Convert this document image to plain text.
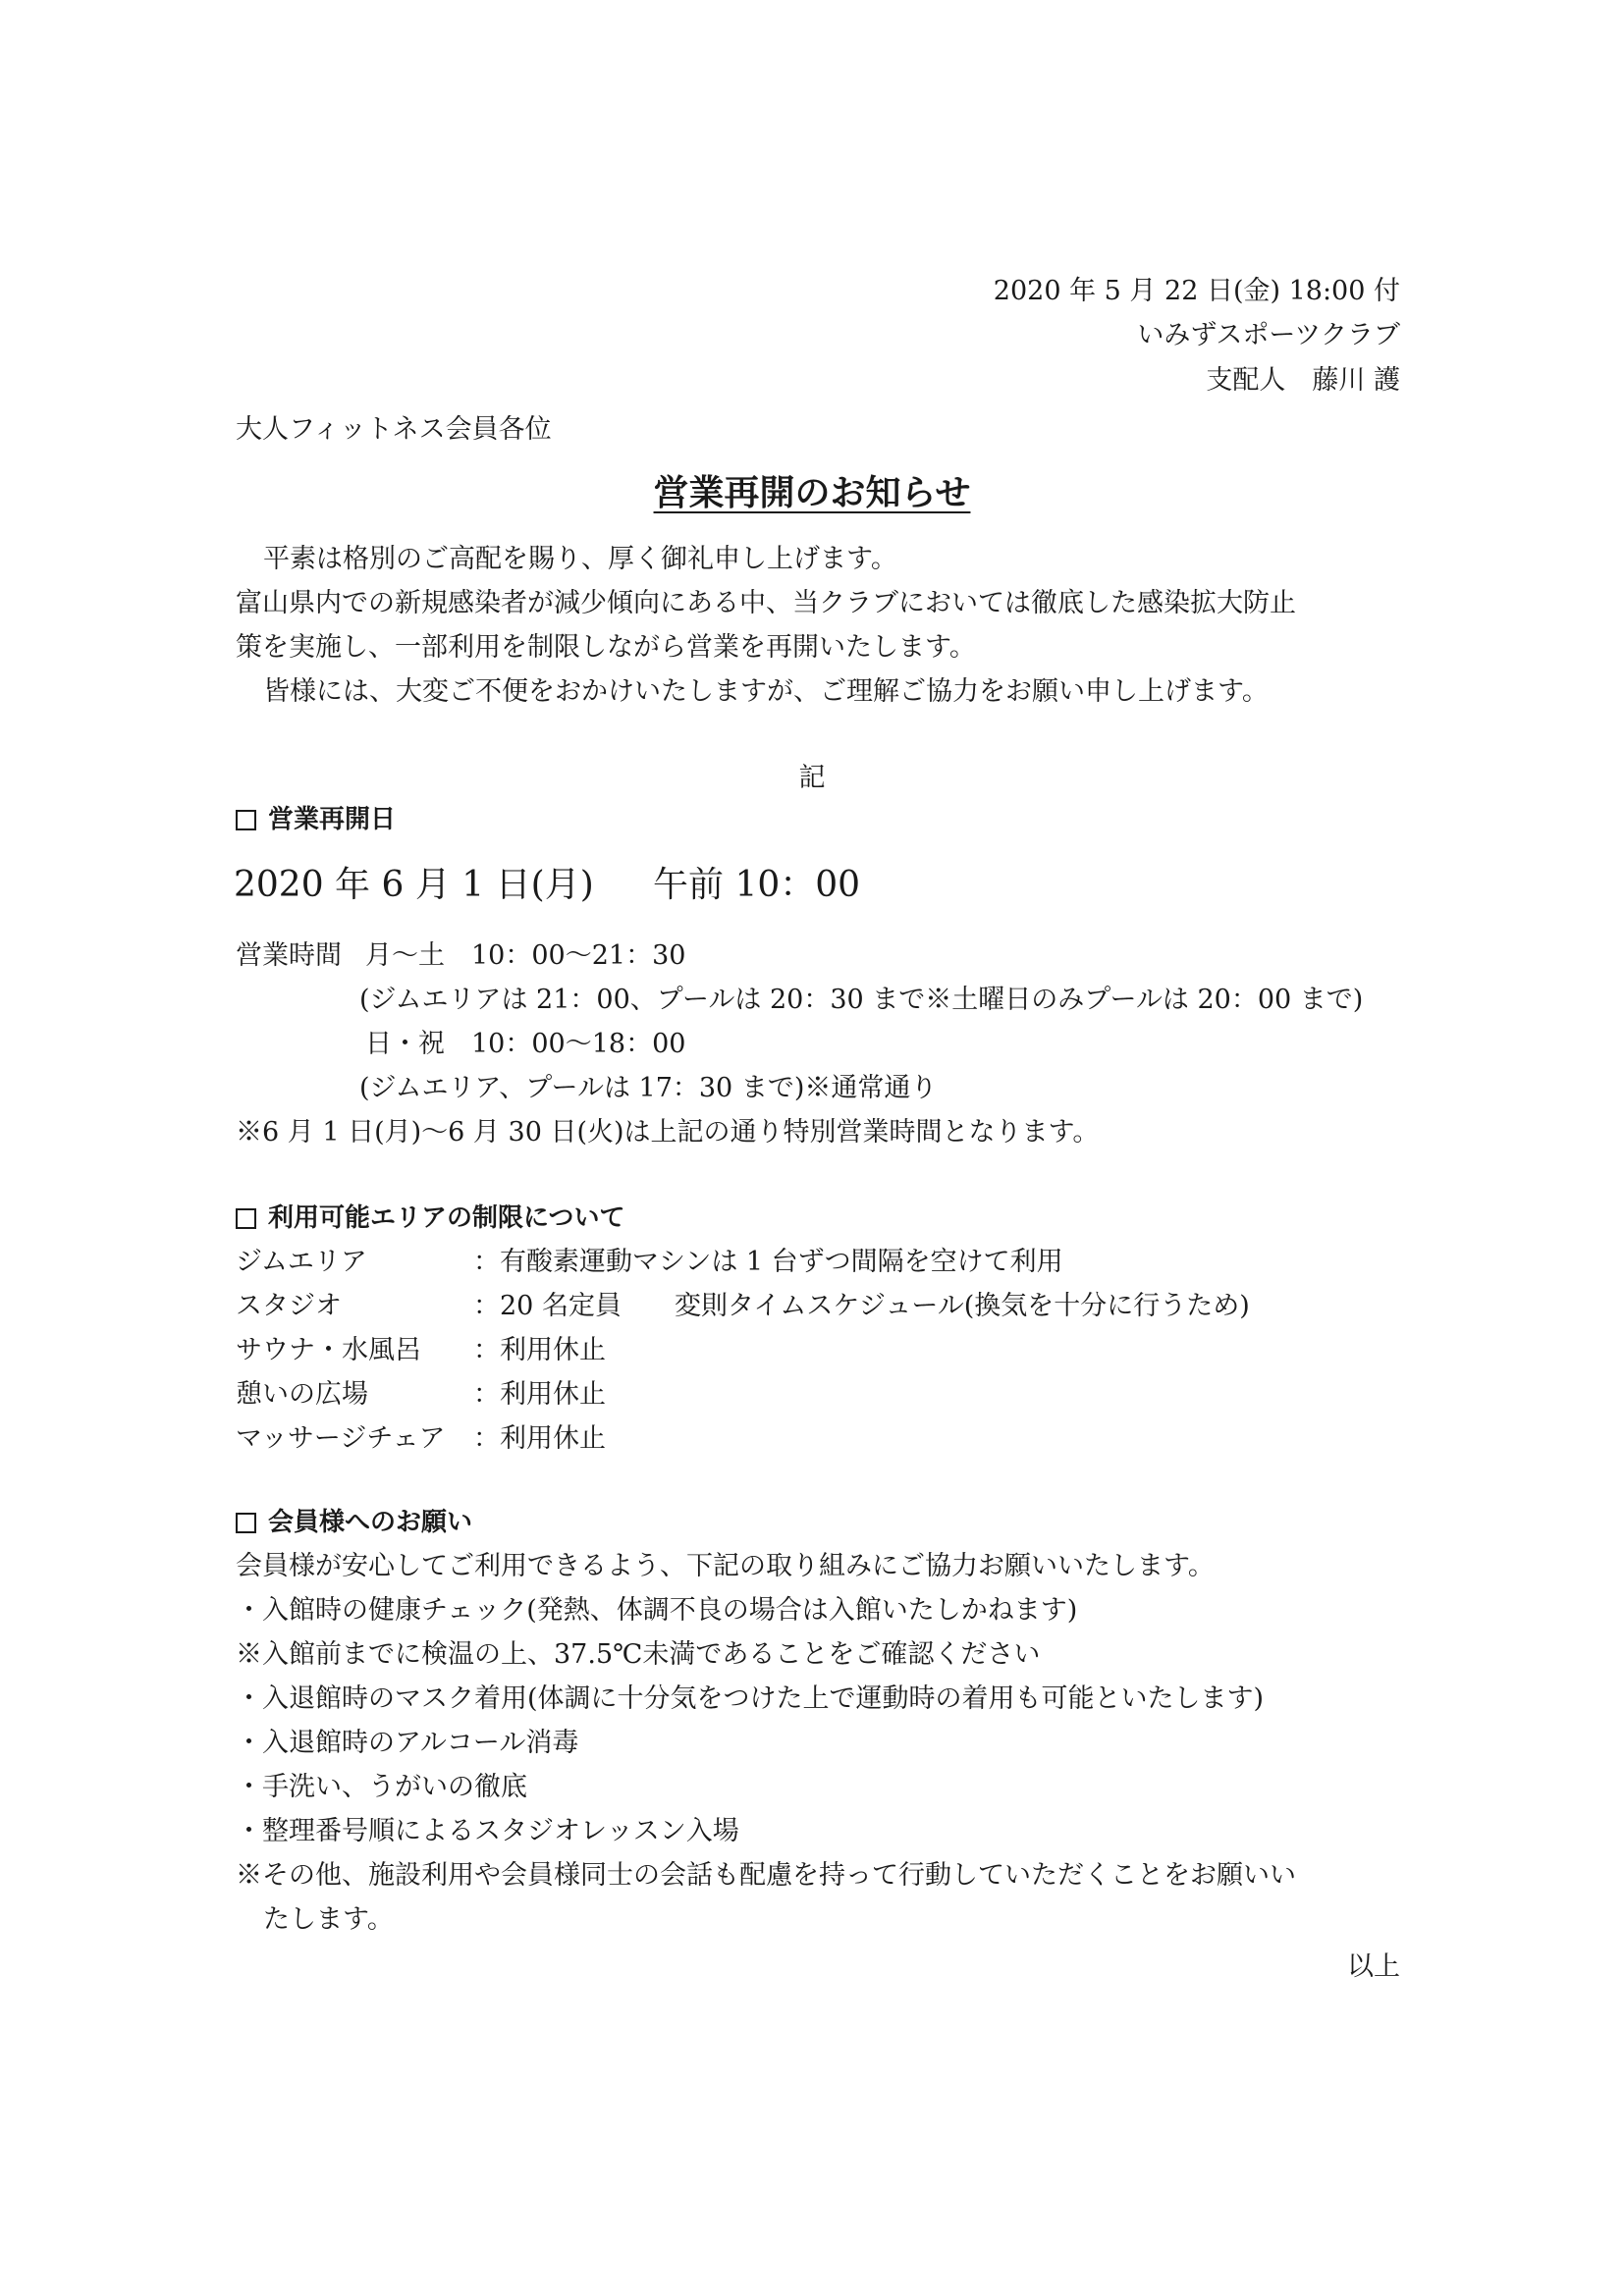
2020 年 5 月 22 日(金) 18:00 付
いみずスポーツクラブ
支配人　藤川 護
大人フィットネス会員各位
営業再開のお知らせ
平素は格別のご高配を賜り、厚く御礼申し上げます。
富山県内での新規感染者が減少傾向にある中、当クラブにおいては徹底した感染拡大防止
策を実施し、一部利用を制限しながら営業を再開いたします。
皆様には、大変ご不便をおかけいたしますが、ご理解ご協力をお願い申し上げます。
記
営業再開日
2020 年 6 月 1 日(月) 午前 10：00
営業時間 月～土　10：00～21：30
(ジムエリアは 21：00、プールは 20：30 まで※土曜日のみプールは 20：00 まで)
日・祝　10：00～18：00
(ジムエリア、プールは 17：30 まで)※通常通り
※6 月 1 日(月)～6 月 30 日(火)は上記の通り特別営業時間となります。
利用可能エリアの制限について
ジムエリア	：有酸素運動マシンは 1 台ずつ間隔を空けて利用
スタジオ	：20 名定員　　変則タイムスケジュール(換気を十分に行うため)
サウナ・水風呂 ：利用休止
憩いの広場	：利用休止
マッサージチェア ：利用休止
会員様へのお願い
会員様が安心してご利用できるよう、下記の取り組みにご協力お願いいたします。
・入館時の健康チェック(発熱、体調不良の場合は入館いたしかねます)
※入館前までに検温の上、37.5℃未満であることをご確認ください
・入退館時のマスク着用(体調に十分気をつけた上で運動時の着用も可能といたします)
・入退館時のアルコール消毒
・手洗い、うがいの徹底
・整理番号順によるスタジオレッスン入場
※その他、施設利用や会員様同士の会話も配慮を持って行動していただくことをお願いい
たします。
以上
